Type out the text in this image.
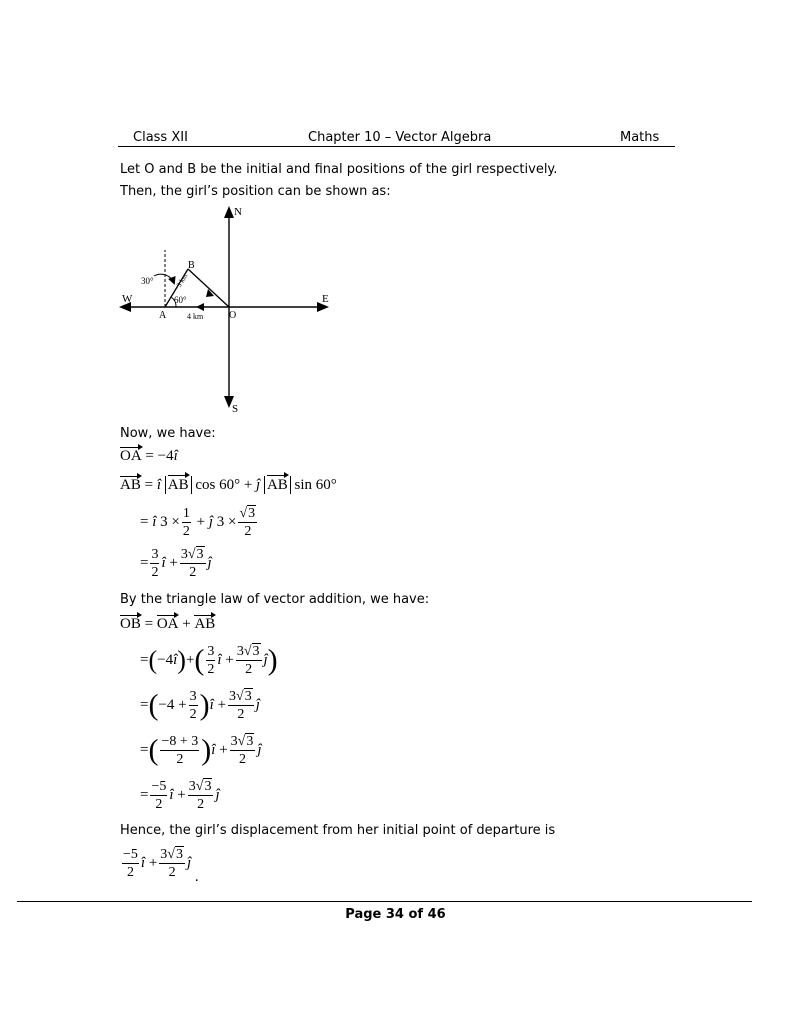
Class XII	Chapter 10 – Vector Algebra	Maths
Let O and B be the initial and final positions of the girl respectively.
Then, the girl’s position can be shown as:
N
S
E
W
A
B
O
30°
60°
4 km
3 km
Now, we have:
OA = −4î
AB = î AB cos 60° + ĵ AB sin 60°
= î $3 \times \frac{1}{2}$ + ĵ $3 \times \frac{√3}{2}$
= $\frac{3}{2}$ î + $\frac{3√3}{2}$ ĵ
By the triangle law of vector addition, we have:
OB = OA + AB
=(−4î)+( $\frac{3}{2}$ î + $\frac{3√3}{2}$ ĵ)
$=(-4 + \frac{3}{2}$ )î + $\frac{3√3}{2}$ ĵ
=( $\frac{-8 + 3}{2}$ )î + $\frac{3√3}{2}$ ĵ
= $\frac{-5}{2}$ î + $\frac{3√3}{2}$ ĵ
Hence, the girl’s displacement from her initial point of departure is
$\frac{-5}{2}$ î + $\frac{3√3}{2}$ ĵ .
Page 34 of 46
